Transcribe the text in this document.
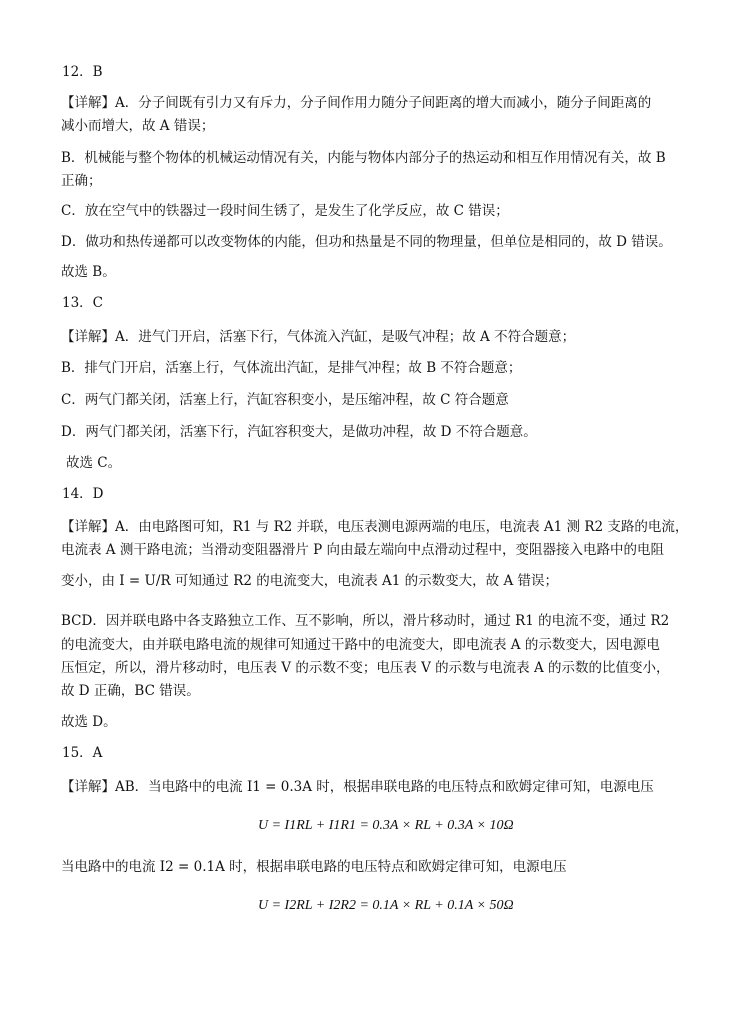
12．B
【详解】A．分子间既有引力又有斥力，分子间作用力随分子间距离的增大而减小，随分子间距离的
减小而增大，故 A 错误；
B．机械能与整个物体的机械运动情况有关，内能与物体内部分子的热运动和相互作用情况有关，故 B
正确；
C．放在空气中的铁器过一段时间生锈了，是发生了化学反应，故 C 错误；
D．做功和热传递都可以改变物体的内能，但功和热量是不同的物理量，但单位是相同的，故 D 错误。
故选 B。
13．C
【详解】A．进气门开启，活塞下行，气体流入汽缸，是吸气冲程；故 A 不符合题意；
B．排气门开启，活塞上行，气体流出汽缸，是排气冲程；故 B 不符合题意；
C．两气门都关闭，活塞上行，汽缸容积变小，是压缩冲程，故 C 符合题意
D．两气门都关闭，活塞下行，汽缸容积变大，是做功冲程，故 D 不符合题意。
故选 C。
14．D
【详解】A．由电路图可知，R1 与 R2 并联，电压表测电源两端的电压，电流表 A1 测 R2 支路的电流，
电流表 A 测干路电流；当滑动变阻器滑片 P 向由最左端向中点滑动过程中，变阻器接入电路中的电阻
变小，由 I = U/R 可知通过 R2 的电流变大，电流表 A1 的示数变大，故 A 错误；
BCD．因并联电路中各支路独立工作、互不影响，所以，滑片移动时，通过 R1 的电流不变，通过 R2
的电流变大，由并联电路电流的规律可知通过干路中的电流变大，即电流表 A 的示数变大，因电源电
压恒定，所以，滑片移动时，电压表 V 的示数不变；电压表 V 的示数与电流表 A 的示数的比值变小，
故 D 正确，BC 错误。
故选 D。
15．A
【详解】AB．当电路中的电流 I1 = 0.3A 时，根据串联电路的电压特点和欧姆定律可知，电源电压
U = I1RL + I1R1 = 0.3A × RL + 0.3A × 10Ω
当电路中的电流 I2 = 0.1A 时，根据串联电路的电压特点和欧姆定律可知，电源电压
U = I2RL + I2R2 = 0.1A × RL + 0.1A × 50Ω
